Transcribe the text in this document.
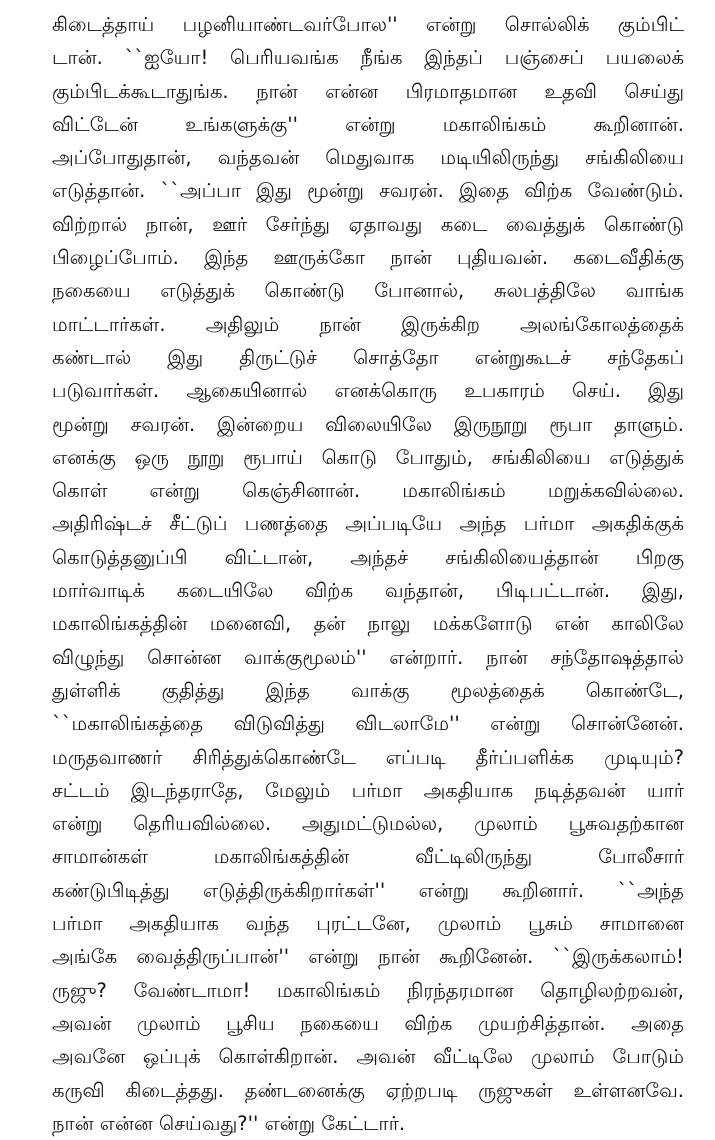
கிடைத்தாய் பழனியாண்டவர்போல'' என்று சொல்லிக் கும்பிட்
டான். ``ஐயோ! பெரியவங்க நீங்க இந்தப் பஞ்சைப் பயலைக்
கும்பிடக்கூடாதுங்க. நான் என்ன பிரமாதமான உதவி செய்து
விட்டேன் உங்களுக்கு'' என்று மகாலிங்கம் கூறினான்.
அப்போதுதான், வந்தவன் மெதுவாக மடியிலிருந்து சங்கிலியை
எடுத்தான். ``அப்பா இது மூன்று சவரன். இதை விற்க வேண்டும்.
விற்றால் நான், ஊர் சேர்ந்து ஏதாவது கடை வைத்துக் கொண்டு
பிழைப்போம். இந்த ஊருக்கோ நான் புதியவன். கடைவீதிக்கு
நகையை எடுத்துக் கொண்டு போனால், சுலபத்திலே வாங்க
மாட்டார்கள். அதிலும் நான் இருக்கிற அலங்கோலத்தைக்
கண்டால் இது திருட்டுச் சொத்தோ என்றுகூடச் சந்தேகப்
படுவார்கள். ஆகையினால் எனக்கொரு உபகாரம் செய். இது
மூன்று சவரன். இன்றைய விலையிலே இருநூறு ரூபா தாளும்.
எனக்கு ஒரு நூறு ரூபாய் கொடு போதும், சங்கிலியை எடுத்துக்
கொள் என்று கெஞ்சினான். மகாலிங்கம் மறுக்கவில்லை.
அதிரிஷ்டச் சீட்டுப் பணத்தை அப்படியே அந்த பர்மா அகதிக்குக்
கொடுத்தனுப்பி விட்டான், அந்தச் சங்கிலியைத்தான் பிறகு
மார்வாடிக் கடையிலே விற்க வந்தான், பிடிபட்டான். இது,
மகாலிங்கத்தின் மனைவி, தன் நாலு மக்களோடு என் காலிலே
விழுந்து சொன்ன வாக்குமூலம்'' என்றார். நான் சந்தோஷத்தால்
துள்ளிக் குதித்து இந்த வாக்கு மூலத்தைக் கொண்டே,
``மகாலிங்கத்தை விடுவித்து விடலாமே'' என்று சொன்னேன்.
மருதவாணர் சிரித்துக்கொண்டே எப்படி தீர்ப்பளிக்க முடியும்?
சட்டம் இடந்தராதே, மேலும் பர்மா அகதியாக நடித்தவன் யார்
என்று தெரியவில்லை. அதுமட்டுமல்ல, முலாம் பூசுவதற்கான
சாமான்கள் மகாலிங்கத்தின் வீட்டிலிருந்து போலீசார்
கண்டுபிடித்து எடுத்திருக்கிறார்கள்'' என்று கூறினார். ``அந்த
பர்மா அகதியாக வந்த புரட்டனே, முலாம் பூசும் சாமானை
அங்கே வைத்திருப்பான்'' என்று நான் கூறினேன். ``இருக்கலாம்!
ருஜு? வேண்டாமா! மகாலிங்கம் நிரந்தரமான தொழிலற்றவன்,
அவன் முலாம் பூசிய நகையை விற்க முயற்சித்தான். அதை
அவனே ஒப்புக் கொள்கிறான். அவன் வீட்டிலே முலாம் போடும்
கருவி கிடைத்தது. தண்டனைக்கு ஏற்றபடி ருஜுகள் உள்ளனவே.
நான் என்ன செய்வது?'' என்று கேட்டார்.
